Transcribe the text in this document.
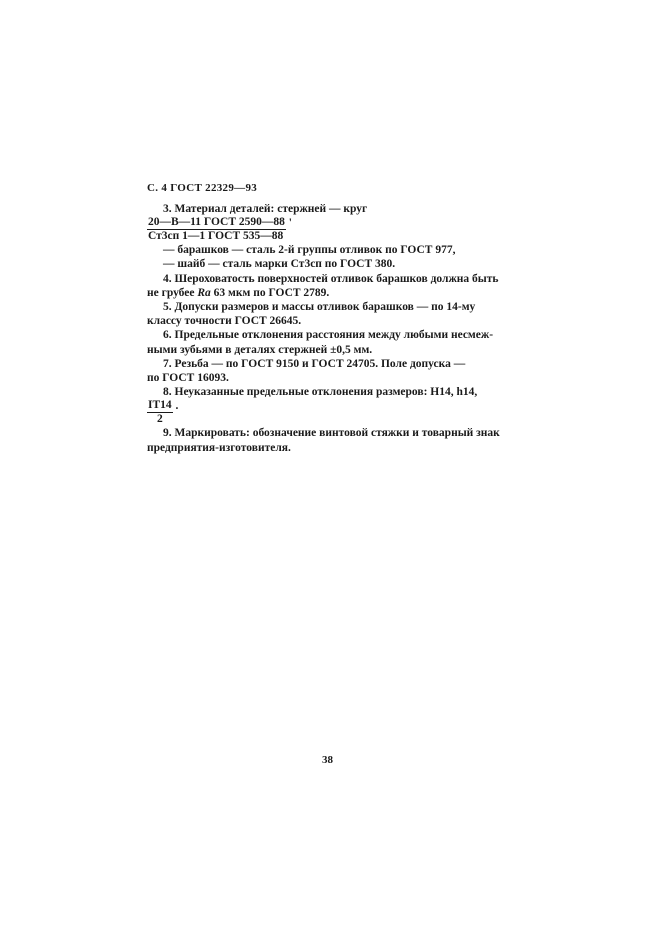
С. 4 ГОСТ 22329—93
3. Материал деталей: стержней — круг
$\frac{\text{20—В—11 ГОСТ 2590—88}}{\text{Ст3сп 1—1 ГОСТ 535—88}}$ '
— барашков — сталь 2-й группы отливок по ГОСТ 977,
— шайб — сталь марки Ст3сп по ГОСТ 380.
4. Шероховатость поверхностей отливок барашков должна быть
не грубее Ra 63 мкм по ГОСТ 2789.
5. Допуски размеров и массы отливок барашков — по 14-му
классу точности ГОСТ 26645.
6. Предельные отклонения расстояния между любыми несмеж-
ными зубьями в деталях стержней ±0,5 мм.
7. Резьба — по ГОСТ 9150 и ГОСТ 24705. Поле допуска —
по ГОСТ 16093.
8. Неуказанные предельные отклонения размеров: Н14, h14,
$\frac{IT14}{2}$ .
9. Маркировать: обозначение винтовой стяжки и товарный знак
предприятия-изготовителя.
38
